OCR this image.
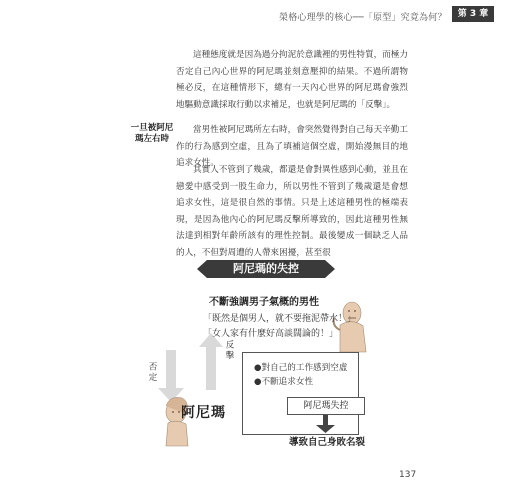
榮格心理學的核心──「原型」究竟為何？	第 3 章
這種態度就是因為過分拘泥於意識裡的男性特質，而極力否定自己內心世界的阿尼瑪並刻意壓抑的結果。不過所謂物極必反，在這種情形下，總有一天內心世界的阿尼瑪會強烈地驅動意識採取行動以求補足，也就是阿尼瑪的「反擊」。
一旦被阿尼瑪左右時
當男性被阿尼瑪所左右時，會突然覺得對自己每天辛勤工作的行為感到空虛，且為了填補這個空虛，開始漫無目的地追求女性。
其實人不管到了幾歲，都還是會對異性感到心動，並且在戀愛中感受到一股生命力，所以男性不管到了幾歲還是會想追求女性，這是很自然的事情。只是上述這種男性的極端表現，是因為他內心的阿尼瑪反擊所導致的，因此這種男性無法達到相對年齡所該有的理性控制。最後變成一個缺乏人品的人，不但對周遭的人帶來困擾，甚至很
阿尼瑪的失控
不斷強調男子氣概的男性
「既然是個男人，就不要拖泥帶水！」
「女人家有什麼好高談闊論的！」
否定
反擊
阿尼瑪
●對自己的工作感到空虛
●不斷追求女性
阿尼瑪失控
導致自己身敗名裂
137
